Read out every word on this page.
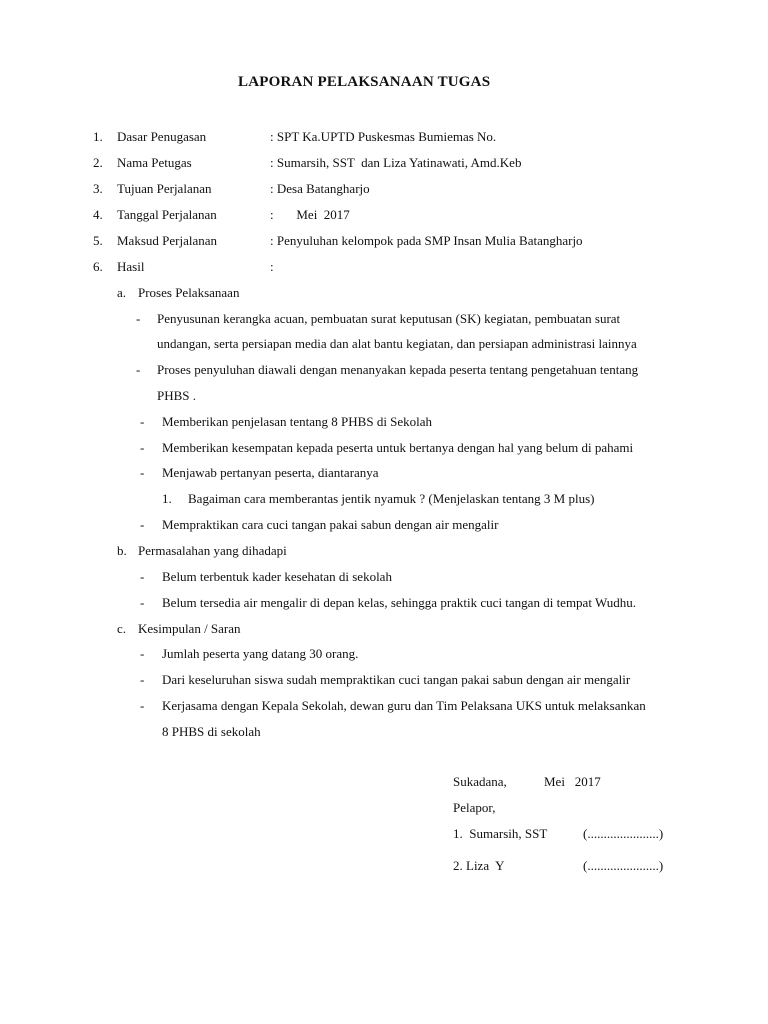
LAPORAN PELAKSANAAN TUGAS
1. Dasar Penugasan	: SPT Ka.UPTD Puskesmas Bumiemas No.
2. Nama Petugas	: Sumarsih, SST  dan Liza Yatinawati, Amd.Keb
3. Tujuan Perjalanan	: Desa Batangharjo
4. Tanggal Perjalanan	:       Mei  2017
5. Maksud Perjalanan	: Penyuluhan kelompok pada SMP Insan Mulia Batangharjo
6. Hasil	:
a. Proses Pelaksanaan
- Penyusunan kerangka acuan, pembuatan surat keputusan (SK) kegiatan, pembuatan surat
undangan, serta persiapan media dan alat bantu kegiatan, dan persiapan administrasi lainnya
- Proses penyuluhan diawali dengan menanyakan kepada peserta tentang pengetahuan tentang
PHBS .
- Memberikan penjelasan tentang 8 PHBS di Sekolah
- Memberikan kesempatan kepada peserta untuk bertanya dengan hal yang belum di pahami
- Menjawab pertanyan peserta, diantaranya
1. Bagaiman cara memberantas jentik nyamuk ? (Menjelaskan tentang 3 M plus)
- Mempraktikan cara cuci tangan pakai sabun dengan air mengalir
b. Permasalahan yang dihadapi
- Belum terbentuk kader kesehatan di sekolah
- Belum tersedia air mengalir di depan kelas, sehingga praktik cuci tangan di tempat Wudhu.
c. Kesimpulan / Saran
- Jumlah peserta yang datang 30 orang.
- Dari keseluruhan siswa sudah mempraktikan cuci tangan pakai sabun dengan air mengalir
- Kerjasama dengan Kepala Sekolah, dewan guru dan Tim Pelaksana UKS untuk melaksankan
8 PHBS di sekolah
Sukadana,	Mei   2017
Pelapor,
1.  Sumarsih, SST	(......................)
2. Liza  Y	(......................)
